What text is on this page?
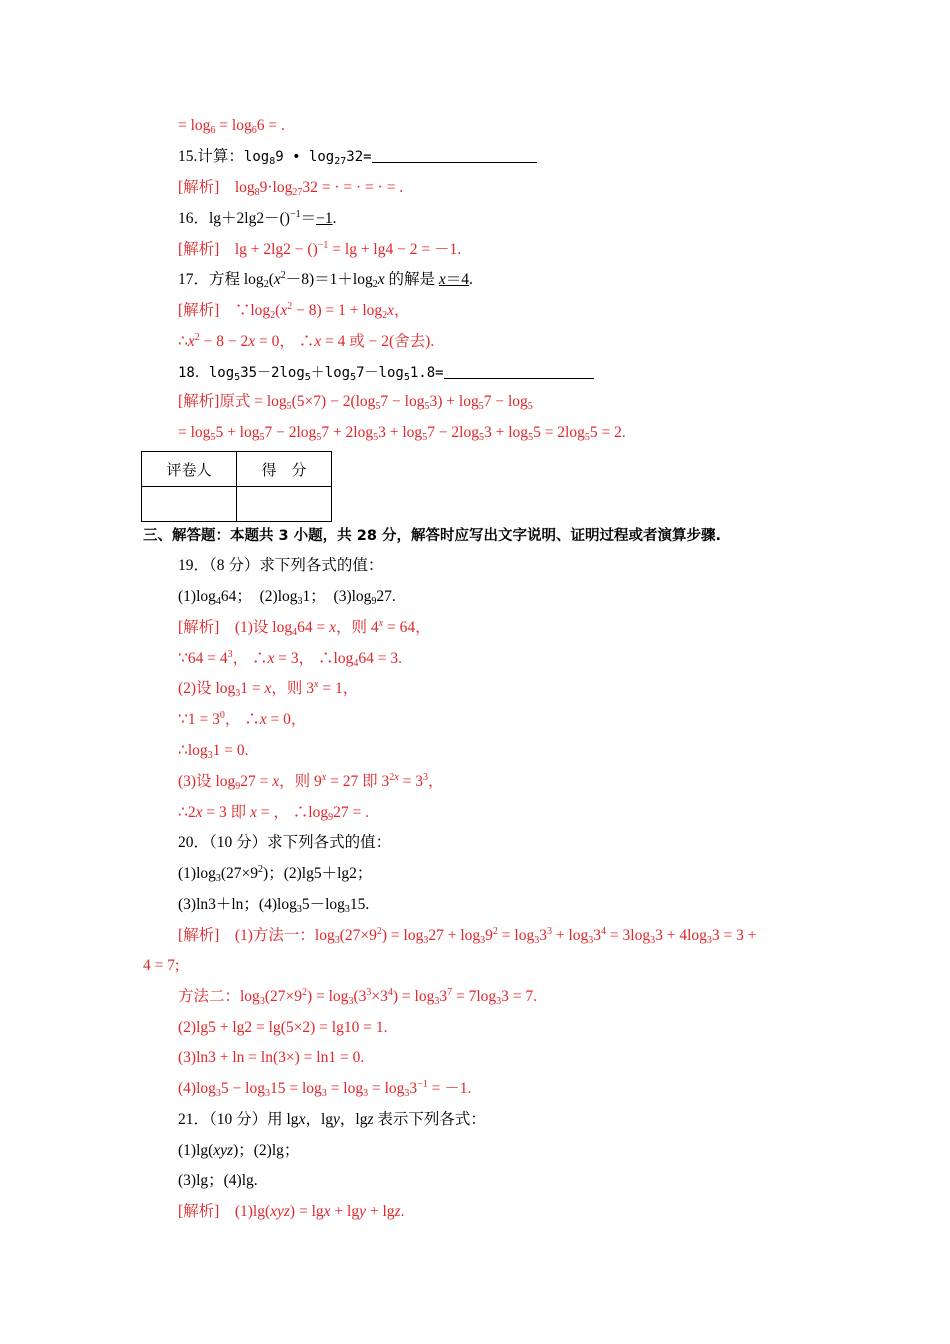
= $\log_6 = \log_66$ = .
15.计算：$\log_89$ • $\log_{27}32=$
[解析]　$\log_89\cdot\log_{27}32$ = · = · = · = .
16．lg＋2lg2－()$^{-1}$＝−1.
[解析]　lg + 2lg2 − ()$^{-1}$ = lg + lg4 − 2 = －1.
17．方程 $\log_2(x^2-8)=1+\log_2x$ 的解是 x＝4.
[解析]　$\because\log_2(x^2 - 8) = 1 + \log_2x$，
$\therefore x^2 - 8 - 2x = 0$， ∴x = 4 或 − 2(舍去).
18．$\log_535-2\log_5+\log_57-\log_51.8=$
[解析]原式 = $\log_5(5\times 7) - 2(\log_57 - \log_53) + \log_57 - \log_5$
= $\log_55 + \log_57 - 2\log_57 + 2\log_53 + \log_57 - 2\log_53 + \log_55 = 2\log_55 = 2$.
评卷人	得　分

三、解答题：本题共 3 小题，共 28 分，解答时应写出文字说明、证明过程或者演算步骤.
19．（8 分）求下列各式的值：
$(1)\log_464$；　$(2)\log_31$；　$(3)\log_927$.
[解析]　(1)设 $\log_464 = x$，则 $4^x = 64$，
∵64 = $4^3$， ∴x = 3， $\therefore\log_464 = 3$.
(2)设 $\log_31 = x$，则 $3^x = 1$，
∵1 = $3^0$， ∴x = 0，
$\therefore\log_31 = 0$.
(3)设 $\log_927 = x$，则 $9^x = 27$ 即 $3^{2x} = 3^3$，
∴2x = 3 即 x = ， $\therefore\log_927$ = .
20．（10 分）求下列各式的值：
$(1)\log_3(27\times 9^2)$；(2)lg5＋lg2；
(3)ln3＋ln；$(4)\log_35-\log_315$.
[解析]　(1)方法一：$\log_3(27\times 9^2) = \log_327 + \log_39^2 = \log_33^3 + \log_33^4 = 3\log_33 + 4\log_33 = 3$ +
4 = 7;
方法二：$\log_3(27\times 9^2) = \log_3(3^3\times 3^4) = \log_33^7 = 7\log_33 = 7$.
(2)lg5 + lg2 = lg(5×2) = lg10 = 1.
(3)ln3 + ln = ln(3×) = ln1 = 0.
$(4)\log_35 - \log_315 = \log_3 = \log_3 = \log_33^{-1} = -1$.
21．（10 分）用 lgx，lgy，lgz 表示下列各式：
(1)lg(xyz)；(2)lg；
(3)lg；(4)lg.
[解析]　(1)lg(xyz) = lgx + lgy + lgz.
